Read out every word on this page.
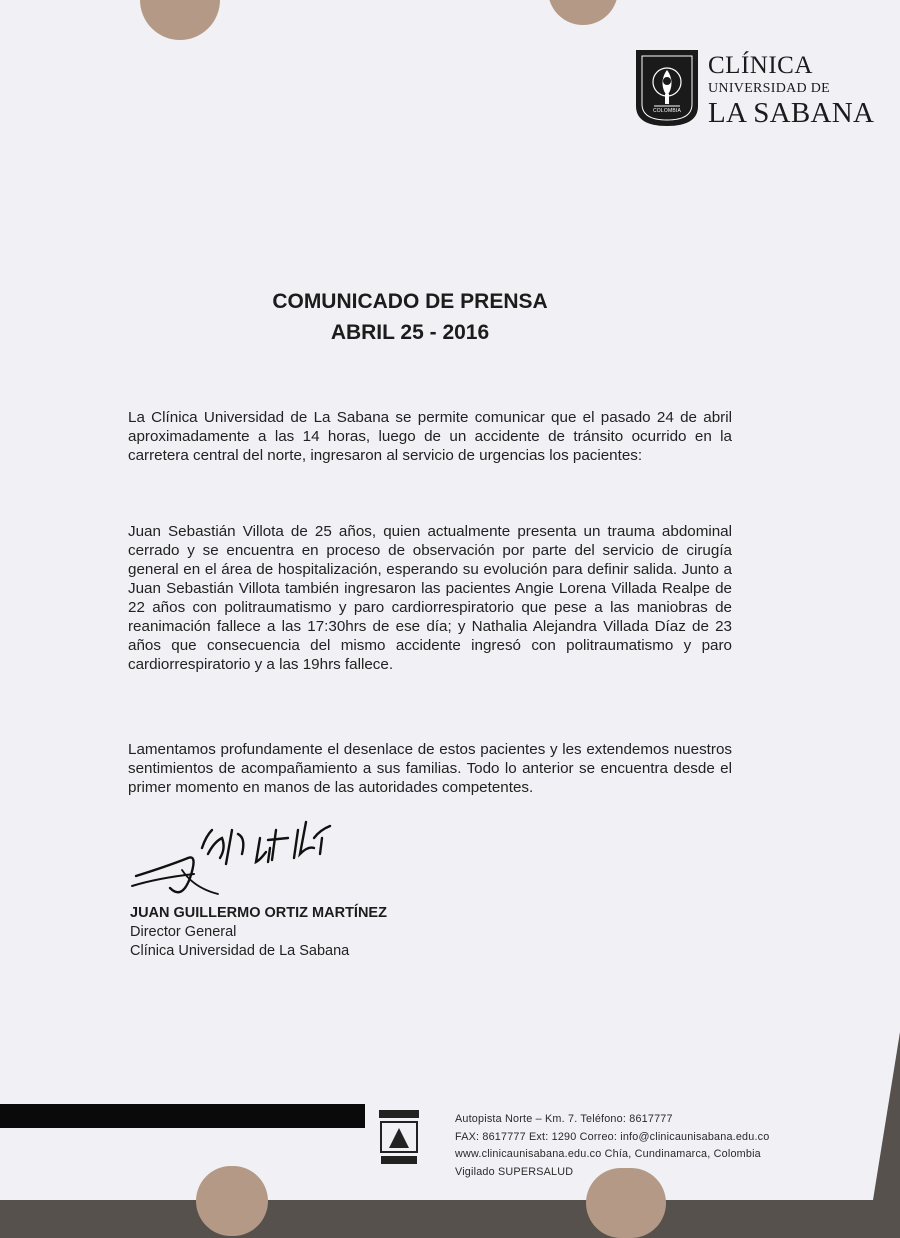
COLOMBIA
CLÍNICA
UNIVERSIDAD DE
LA SABANA
COMUNICADO DE PRENSA
ABRIL 25 - 2016
La Clínica Universidad de La Sabana se permite comunicar que el pasado 24 de abril aproximadamente a las 14 horas, luego de un accidente de tránsito ocurrido en la carretera central del norte, ingresaron al servicio de urgencias los pacientes:
Juan Sebastián Villota de 25 años, quien actualmente presenta un trauma abdominal cerrado y se encuentra en proceso de observación por parte del servicio de cirugía general en el área de hospitalización, esperando su evolución para definir salida. Junto a Juan Sebastián Villota también ingresaron las pacientes Angie Lorena Villada Realpe de 22 años con politraumatismo y paro cardiorrespiratorio que pese a las maniobras de reanimación fallece a las 17:30hrs de ese día; y Nathalia Alejandra Villada Díaz de 23 años que consecuencia del mismo accidente ingresó con politraumatismo y paro cardiorrespiratorio y a las 19hrs fallece.
Lamentamos profundamente el desenlace de estos pacientes y les extendemos nuestros sentimientos de acompañamiento a sus familias. Todo lo anterior se encuentra desde el primer momento en manos de las autoridades competentes.
JUAN GUILLERMO ORTIZ MARTÍNEZ
Director General
Clínica Universidad de La Sabana
Autopista Norte – Km. 7. Teléfono: 8617777
FAX: 8617777 Ext: 1290 Correo: info@clinicaunisabana.edu.co
www.clinicaunisabana.edu.co Chía, Cundinamarca, Colombia
Vigilado SUPERSALUD
